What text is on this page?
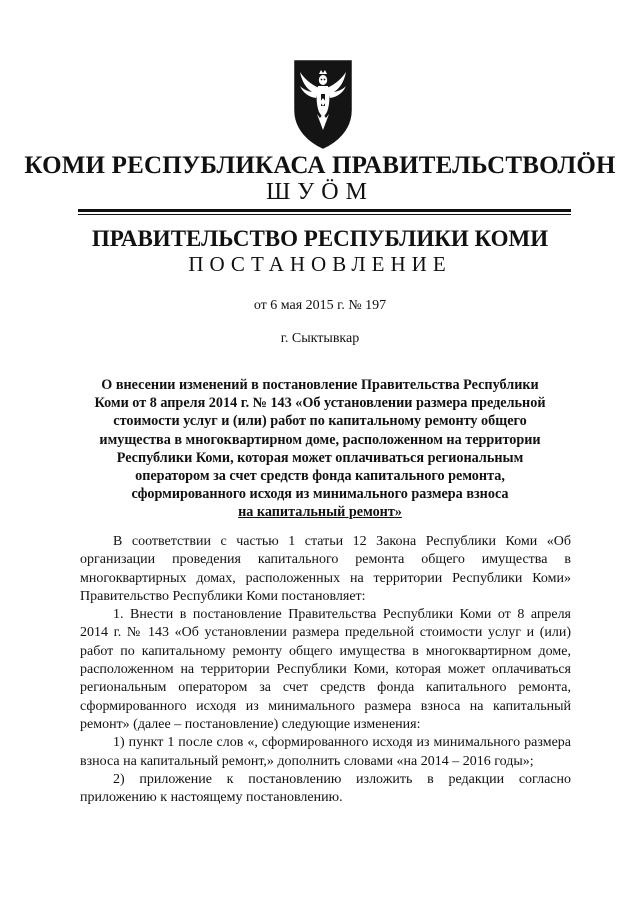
КОМИ РЕСПУБЛИКАСА ПРАВИТЕЛЬСТВОЛÖН
ШУÖМ
ПРАВИТЕЛЬСТВО РЕСПУБЛИКИ КОМИ
ПОСТАНОВЛЕНИЕ
от 6 мая 2015 г. № 197
г. Сыктывкар
О внесении изменений в постановление Правительства Республики
Коми от 8 апреля 2014 г. № 143 «Об установлении размера предельной
стоимости услуг и (или) работ по капитальному ремонту общего
имущества в многоквартирном доме, расположенном на территории
Республики Коми, которая может оплачиваться региональным
оператором за счет средств фонда капитального ремонта,
сформированного исходя из минимального размера взноса
на капитальный ремонт»

В соответствии с частью 1 статьи 12 Закона Республики Коми «Об организации проведения капитального ремонта общего имущества в многоквартирных домах, расположенных на территории Республики Коми» Правительство Республики Коми постановляет:

1. Внести в постановление Правительства Республики Коми от 8 апреля 2014 г. № 143 «Об установлении размера предельной стоимости услуг и (или) работ по капитальному ремонту общего имущества в многоквартирном доме, расположенном на территории Республики Коми, которая может оплачиваться региональным оператором за счет средств фонда капитального ремонта, сформированного исходя из минимального размера взноса на капитальный ремонт» (далее – постановление) следующие изменения:

1) пункт 1 после слов «, сформированного исходя из минимального размера взноса на капитальный ремонт,» дополнить словами «на 2014 – 2016 годы»;

2) приложение к постановлению изложить в редакции согласно приложению к настоящему постановлению.
